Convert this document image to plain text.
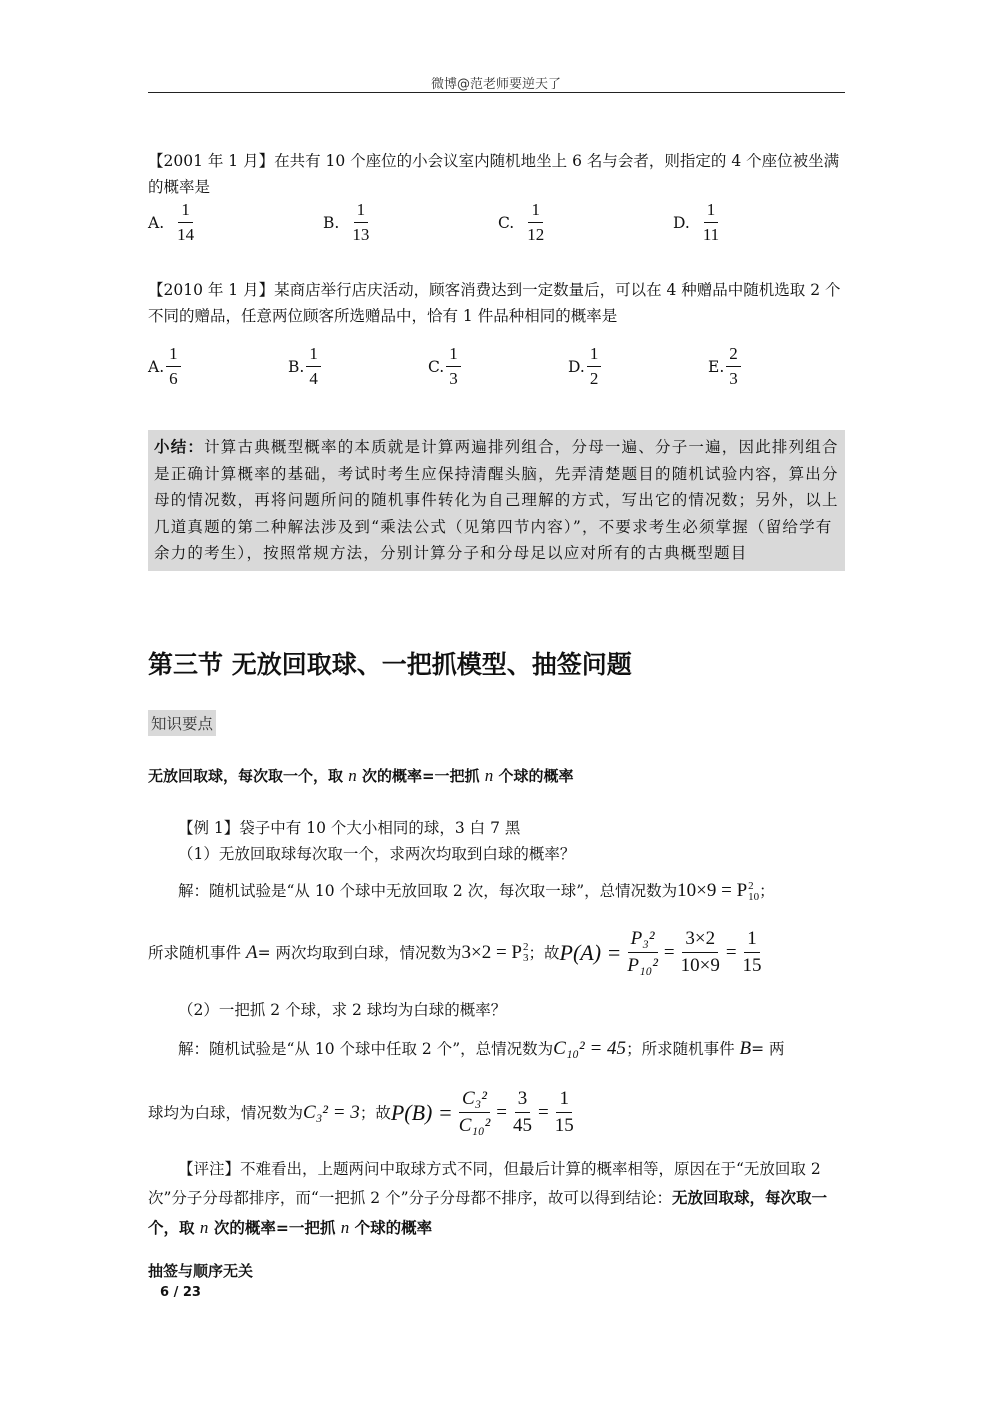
微博@范老师要逆天了
【2001 年 1 月】在共有 10 个座位的小会议室内随机地坐上 6 名与会者，则指定的 4 个座位被坐满的概率是
A. $\frac{1}{14}$	B. $\frac{1}{13}$	C. $\frac{1}{12}$	D. $\frac{1}{11}$
【2010 年 1 月】某商店举行店庆活动，顾客消费达到一定数量后，可以在 4 种赠品中随机选取 2 个不同的赠品，任意两位顾客所选赠品中，恰有 1 件品种相同的概率是
A. $\frac{1}{6}$	B. $\frac{1}{4}$	C. $\frac{1}{3}$	D. $\frac{1}{2}$	E. $\frac{2}{3}$
小结：计算古典概型概率的本质就是计算两遍排列组合，分母一遍、分子一遍，因此排列组合是正确计算概率的基础，考试时考生应保持清醒头脑，先弄清楚题目的随机试验内容，算出分母的情况数，再将问题所问的随机事件转化为自己理解的方式，写出它的情况数；另外，以上几道真题的第二种解法涉及到“乘法公式（见第四节内容）”，不要求考生必须掌握（留给学有余力的考生），按照常规方法，分别计算分子和分母足以应对所有的古典概型题目
第三节 无放回取球、一把抓模型、抽签问题
知识要点
无放回取球，每次取一个，取 n 次的概率=一把抓 n 个球的概率
【例 1】袋子中有 10 个大小相同的球，3 白 7 黑
（1）无放回取球每次取一个，求两次均取到白球的概率？
解：随机试验是“从 10 个球中无放回取 2 次，每次取一球”，总情况数为 10×9 = P 2
10 ；
所求随机事件
A = 两次均取到白球，情况数为 3×2 = P 2
3 ；故 $P(A) = \frac{\text{P₃²}}{\text{P₁₀²}} = \frac{3\times 2}{10\times 9} = \frac{1}{15}$
（2）一把抓 2 个球，求 2 球均为白球的概率？
解：随机试验是“从 10 个球中任取 2 个”，总情况数为 C₁₀² = 45 ；所求随机事件
B = 两
球均为白球，情况数为 C₃² = 3 ；故 $P(B) = \frac{\text{C₃²}}{\text{C₁₀²}} = \frac{3}{45} = \frac{1}{15}$
【评注】不难看出，上题两问中取球方式不同，但最后计算的概率相等，原因在于“无放回取 2 次”分子分母都排序，而“一把抓 2 个”分子分母都不排序，故可以得到结论：无放回取球，每次取一个，取 n 次的概率=一把抓 n 个球的概率
抽签与顺序无关
6 / 23
